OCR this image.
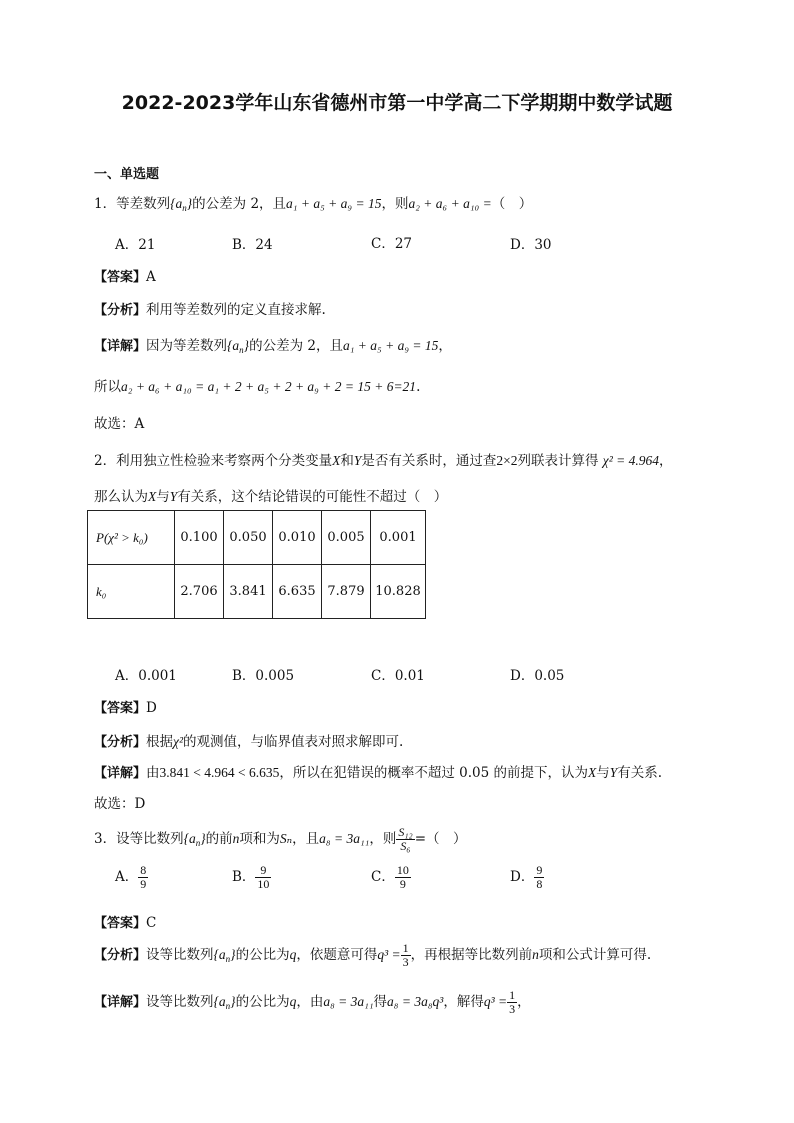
2022-2023学年山东省德州市第一中学高二下学期期中数学试题
一、单选题
1．等差数列$\{a_n\}$的公差为 2，且a₁ + a₅ + a₉ = 15，则a₂ + a₆ + a₁₀ =（　）
A．21	B．24	C．27	D．30
【答案】A
【分析】利用等差数列的定义直接求解.
【详解】因为等差数列$\{a_n\}$的公差为 2，且a₁ + a₅ + a₉ = 15，
所以a₂ + a₆ + a₁₀ = a₁ + 2 + a₅ + 2 + a₉ + 2 = 15 + 6=21.
故选：A
2．利用独立性检验来考察两个分类变量X和Y是否有关系时，通过查2×2列联表计算得 χ² = 4.964，
那么认为X与Y有关系，这个结论错误的可能性不超过（　）
P(χ² > k₀)	0.100	0.050	0.010	0.005	0.001
k₀	2.706	3.841	6.635	7.879	10.828
A．0.001	B．0.005	C．0.01	D．0.05
【答案】D
【分析】根据χ²的观测值，与临界值表对照求解即可.
【详解】由3.841 < 4.964 < 6.635，所以在犯错误的概率不超过 0.05 的前提下，认为X与Y有关系.
故选：D
3．设等比数列$\{a_n\}$的前n项和为Sₙ，且a₈ = 3a₁₁，则 $\frac{\text{S₁₂}}{\text{S₆}}$ =（　）
A． $\frac{8}{9}$	B． $\frac{9}{10}$	C． $\frac{10}{9}$	D． $\frac{9}{8}$
【答案】C
【分析】设等比数列$\{a_n\}$的公比为q，依题意可得$q^3 = \frac{1}{3}$ ，再根据等比数列前n项和公式计算可得.
【详解】设等比数列$\{a_n\}$的公比为q，由a₈ = 3a₁₁得a₈ = 3a₈q³，解得$q^3 = \frac{1}{3}$ ，
